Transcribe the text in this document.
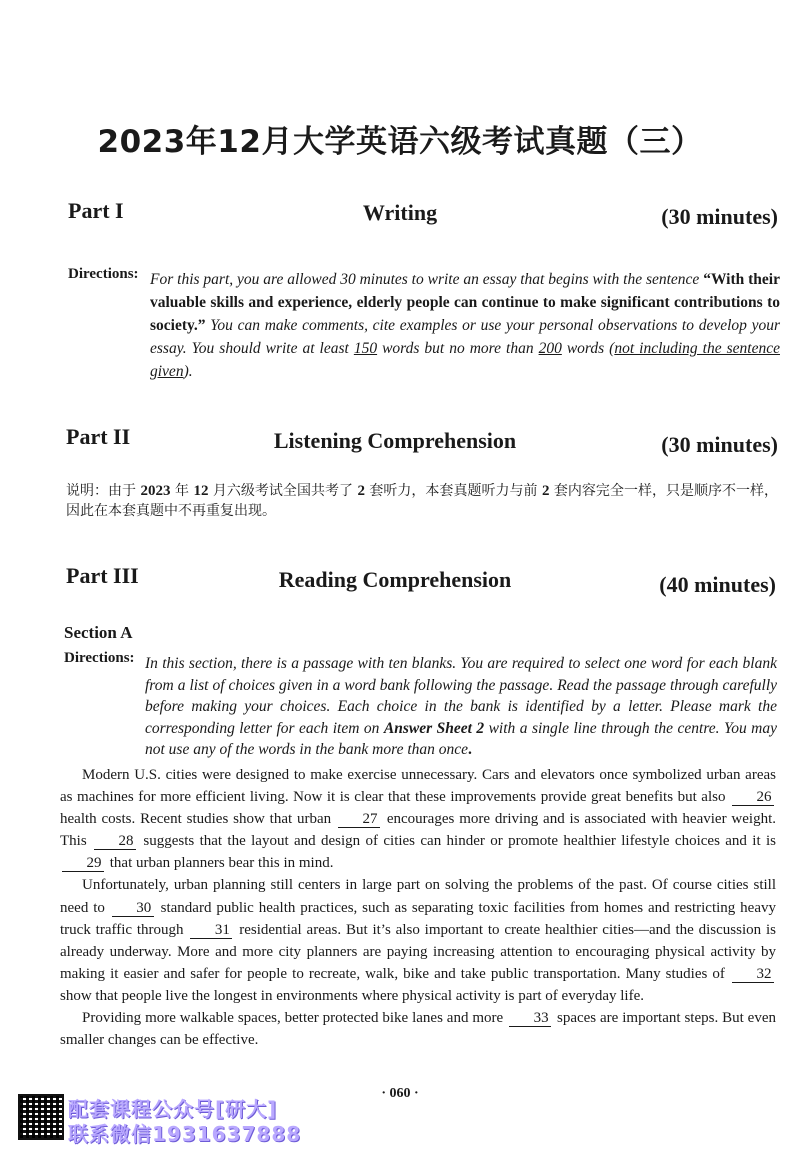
2023年12月大学英语六级考试真题（三）
Part I	Writing	(30 minutes)
Directions: For this part, you are allowed 30 minutes to write an essay that begins with the sentence “With their valuable skills and experience, elderly people can continue to make significant contributions to society.” You can make comments, cite examples or use your personal observations to develop your essay. You should write at least 150 words but no more than 200 words (not including the sentence given).
Part II	Listening Comprehension	(30 minutes)
说明：由于 2023 年 12 月六级考试全国共考了 2 套听力，本套真题听力与前 2 套内容完全一样，只是顺序不一样，因此在本套真题中不再重复出现。
Part III	Reading Comprehension	(40 minutes)
Section A
Directions: In this section, there is a passage with ten blanks. You are required to select one word for each blank from a list of choices given in a word bank following the passage. Read the passage through carefully before making your choices. Each choice in the bank is identified by a letter. Please mark the corresponding letter for each item on Answer Sheet 2 with a single line through the centre. You may not use any of the words in the bank more than once.

Modern U.S. cities were designed to make exercise unnecessary. Cars and elevators once symbolized urban areas as machines for more efficient living. Now it is clear that these improvements provide great benefits but also 26 health costs. Recent studies show that urban 27 encourages more driving and is associated with heavier weight. This 28 suggests that the layout and design of cities can hinder or promote healthier lifestyle choices and it is 29 that urban planners bear this in mind.

Unfortunately, urban planning still centers in large part on solving the problems of the past. Of course cities still need to 30 standard public health practices, such as separating toxic facilities from homes and restricting heavy truck traffic through 31 residential areas. But it’s also important to create healthier cities—and the discussion is already underway. More and more city planners are paying increasing attention to encouraging physical activity by making it easier and safer for people to recreate, walk, bike and take public transportation. Many studies of 32 show that people live the longest in environments where physical activity is part of everyday life.

Providing more walkable spaces, better protected bike lanes and more 33 spaces are important steps. But even smaller changes can be effective.

· 060 ·
配套课程公众号[研大]
联系微信1931637888
